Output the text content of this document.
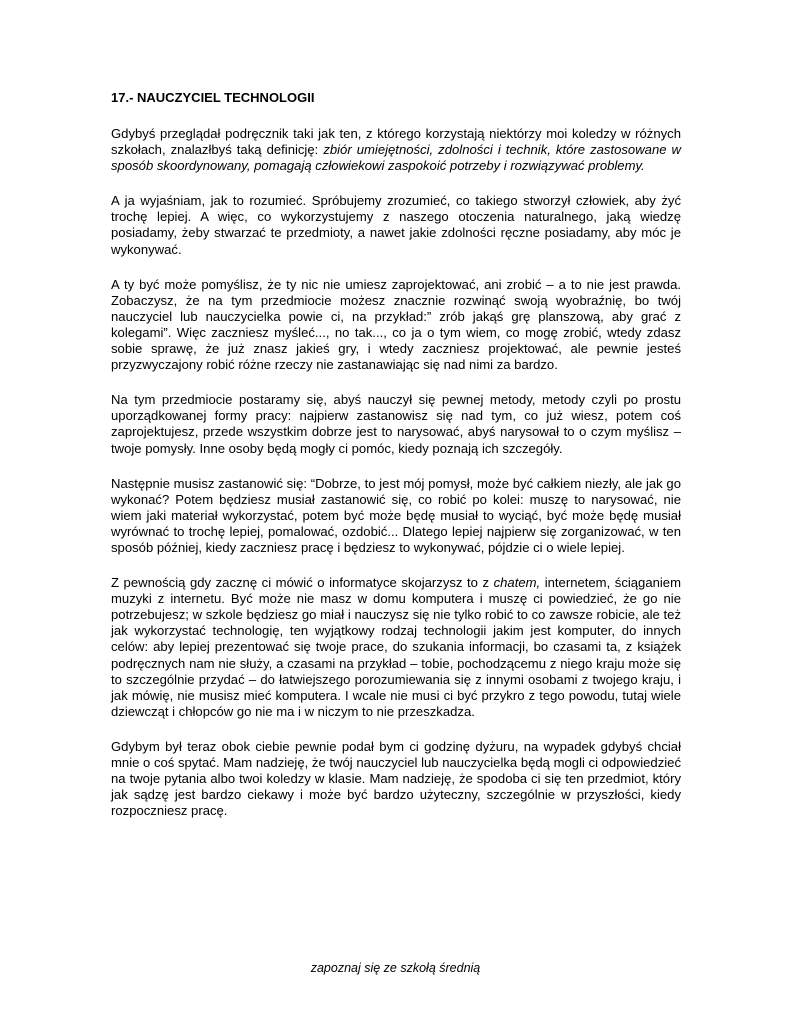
17.- NAUCZYCIEL TECHNOLOGII

Gdybyś przeglądał podręcznik taki jak ten, z którego korzystają niektórzy moi koledzy w różnych szkołach, znalazłbyś taką definicję: zbiór umiejętności, zdolności i technik, które zastosowane w sposób skoordynowany, pomagają człowiekowi zaspokoić potrzeby i rozwiązywać problemy.

A ja wyjaśniam, jak to rozumieć. Spróbujemy zrozumieć, co takiego stworzył człowiek, aby żyć trochę lepiej. A więc, co wykorzystujemy z naszego otoczenia naturalnego, jaką wiedzę posiadamy, żeby stwarzać te przedmioty, a nawet jakie zdolności ręczne posiadamy, aby móc je wykonywać.

A ty być może pomyślisz, że ty nic nie umiesz zaprojektować, ani zrobić – a to nie jest prawda. Zobaczysz, że na tym przedmiocie możesz znacznie rozwinąć swoją wyobraźnię, bo twój nauczyciel lub nauczycielka powie ci, na przykład:” zrób jakąś grę planszową, aby grać z kolegami”. Więc zaczniesz myśleć..., no tak..., co ja o tym wiem, co mogę zrobić, wtedy zdasz sobie sprawę, że już znasz jakieś gry, i wtedy zaczniesz projektować, ale pewnie jesteś przyzwyczajony robić różne rzeczy nie zastanawiając się nad nimi za bardzo.

Na tym przedmiocie postaramy się, abyś nauczył się pewnej metody, metody czyli po prostu uporządkowanej formy pracy: najpierw zastanowisz się nad tym, co już wiesz, potem coś zaprojektujesz, przede wszystkim dobrze jest to narysować, abyś narysował to o czym myślisz – twoje pomysły. Inne osoby będą mogły ci pomóc, kiedy poznają ich szczegóły.

Następnie musisz zastanowić się: “Dobrze, to jest mój pomysł, może być całkiem niezły, ale jak go wykonać? Potem będziesz musiał zastanowić się, co robić po kolei: muszę to narysować, nie wiem jaki materiał wykorzystać, potem być może będę musiał to wyciąć, być może będę musiał wyrównać to trochę lepiej, pomalować, ozdobić... Dlatego lepiej najpierw się zorganizować, w ten sposób później, kiedy zaczniesz pracę i będziesz to wykonywać, pójdzie ci o wiele lepiej.

Z pewnością gdy zacznę ci mówić o informatyce skojarzysz to z chatem, internetem, ściąganiem muzyki z internetu. Być może nie masz w domu komputera i muszę ci powiedzieć, że go nie potrzebujesz; w szkole będziesz go miał i nauczysz się nie tylko robić to co zawsze robicie, ale też jak wykorzystać technologię, ten wyjątkowy rodzaj technologii jakim jest komputer, do innych celów: aby lepiej prezentować się twoje prace, do szukania informacji, bo czasami ta, z książek podręcznych nam nie służy, a czasami na przykład – tobie, pochodzącemu z niego kraju może się to szczególnie przydać – do łatwiejszego porozumiewania się z innymi osobami z twojego kraju, i jak mówię, nie musisz mieć komputera. I wcale nie musi ci być przykro z tego powodu, tutaj wiele dziewcząt i chłopców go nie ma i w niczym to nie przeszkadza.

Gdybym był teraz obok ciebie pewnie podał bym ci godzinę dyżuru, na wypadek gdybyś chciał mnie o coś spytać. Mam nadzieję, że twój nauczyciel lub nauczycielka będą mogli ci odpowiedzieć na twoje pytania albo twoi koledzy w klasie. Mam nadzieję, że spodoba ci się ten przedmiot, który jak sądzę jest bardzo ciekawy i może być bardzo użyteczny, szczególnie w przyszłości, kiedy rozpoczniesz pracę.

zapoznaj się ze szkołą średnią
